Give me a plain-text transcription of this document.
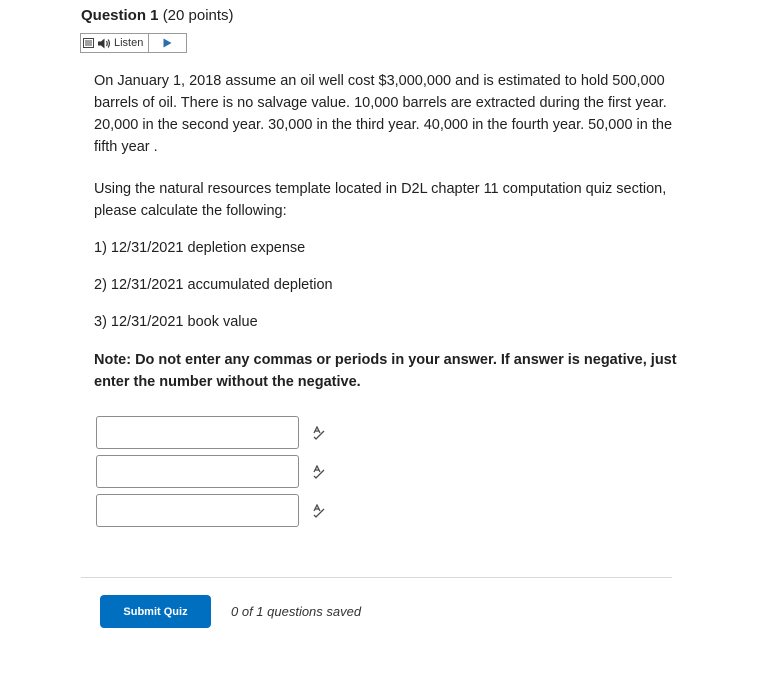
Question 1 (20 points)
Listen

On January 1, 2018 assume an oil well cost $3,000,000 and is estimated to hold 500,000 barrels of oil. There is no salvage value. 10,000 barrels are extracted during the first year. 20,000 in the second year. 30,000 in the third year. 40,000 in the fourth year. 50,000 in the fifth year .

Using the natural resources template located in D2L chapter 11 computation quiz section, please calculate the following:

1) 12/31/2021 depletion expense

2) 12/31/2021 accumulated depletion

3) 12/31/2021 book value

Note: Do not enter any commas or periods in your answer. If answer is negative, just enter the number without the negative.

Submit Quiz	0 of 1 questions saved
